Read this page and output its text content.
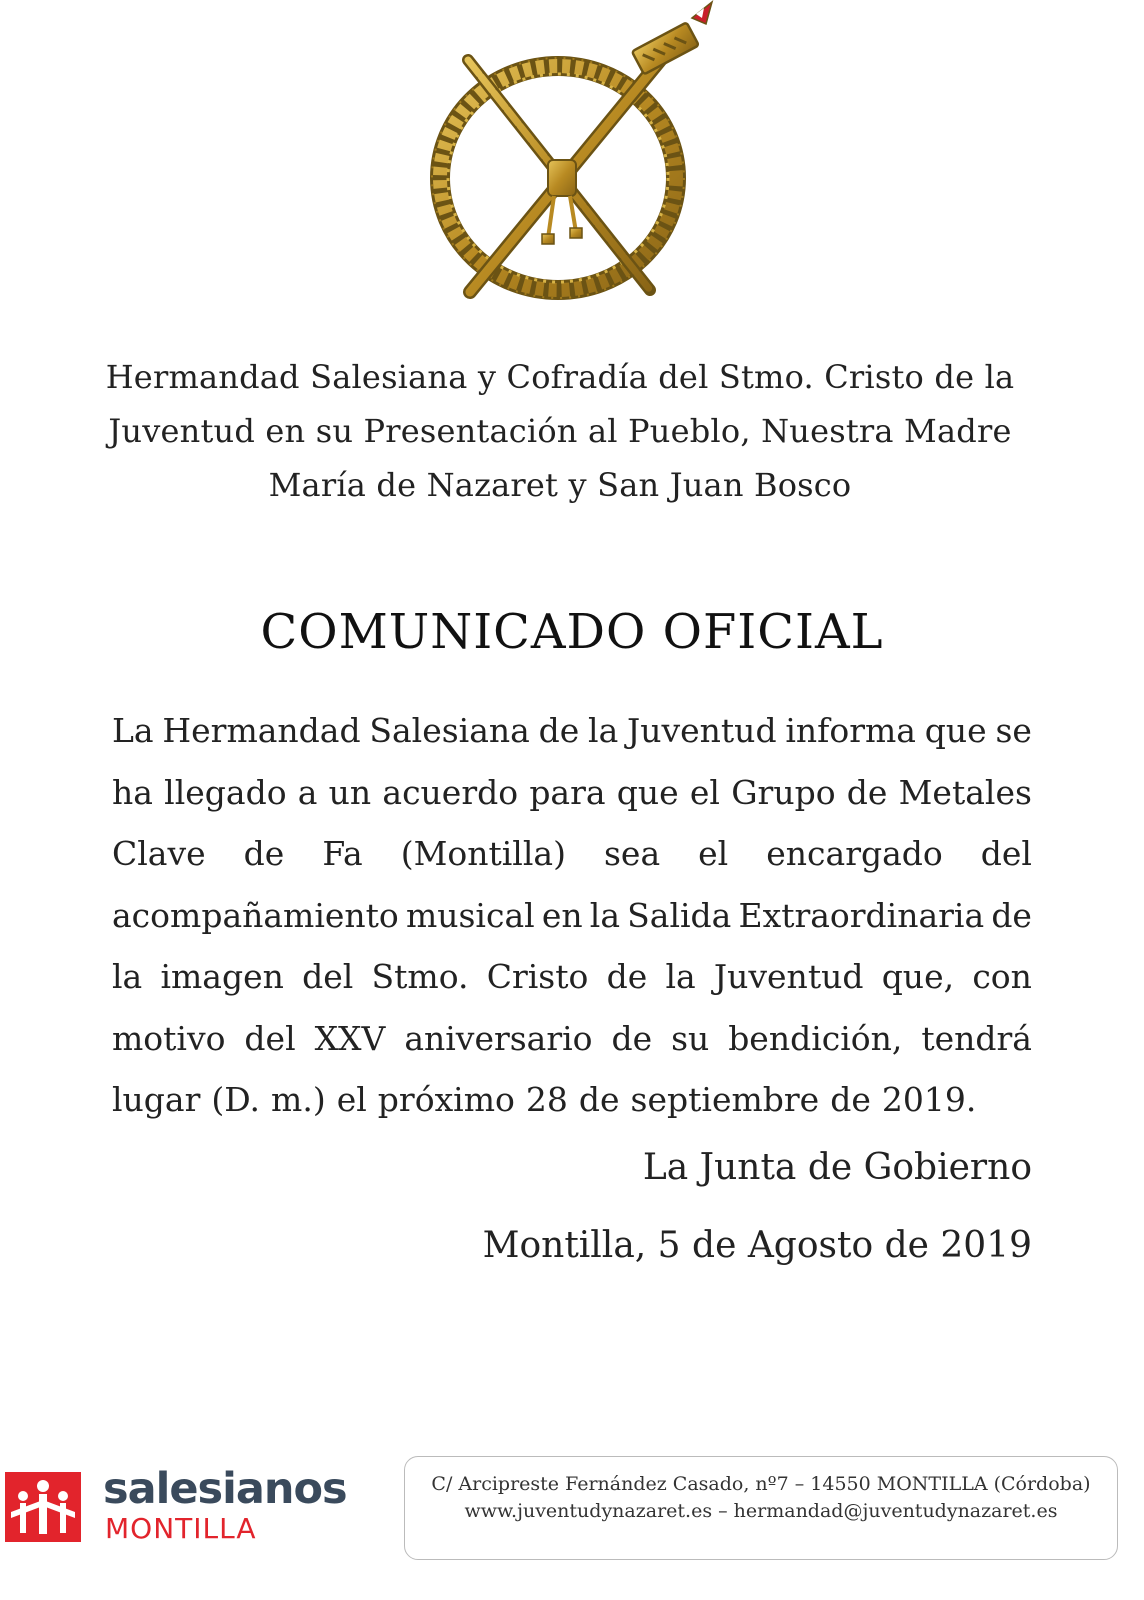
Hermandad Salesiana y Cofradía del Stmo. Cristo de la
Juventud en su Presentación al Pueblo, Nuestra Madre
María de Nazaret y San Juan Bosco
COMUNICADO OFICIAL
La Hermandad Salesiana de la Juventud informa que se
ha llegado a un acuerdo para que el Grupo de Metales
Clave de Fa (Montilla) sea el encargado del
acompañamiento musical en la Salida Extraordinaria de
la imagen del Stmo. Cristo de la Juventud que, con
motivo del XXV aniversario de su bendición, tendrá
lugar (D. m.) el próximo 28 de septiembre de 2019.
La Junta de Gobierno
Montilla, 5 de Agosto de 2019
salesianos
MONTILLA
C/ Arcipreste Fernández Casado, nº7 – 14550 MONTILLA (Córdoba)
www.juventudynazaret.es – hermandad@juventudynazaret.es
